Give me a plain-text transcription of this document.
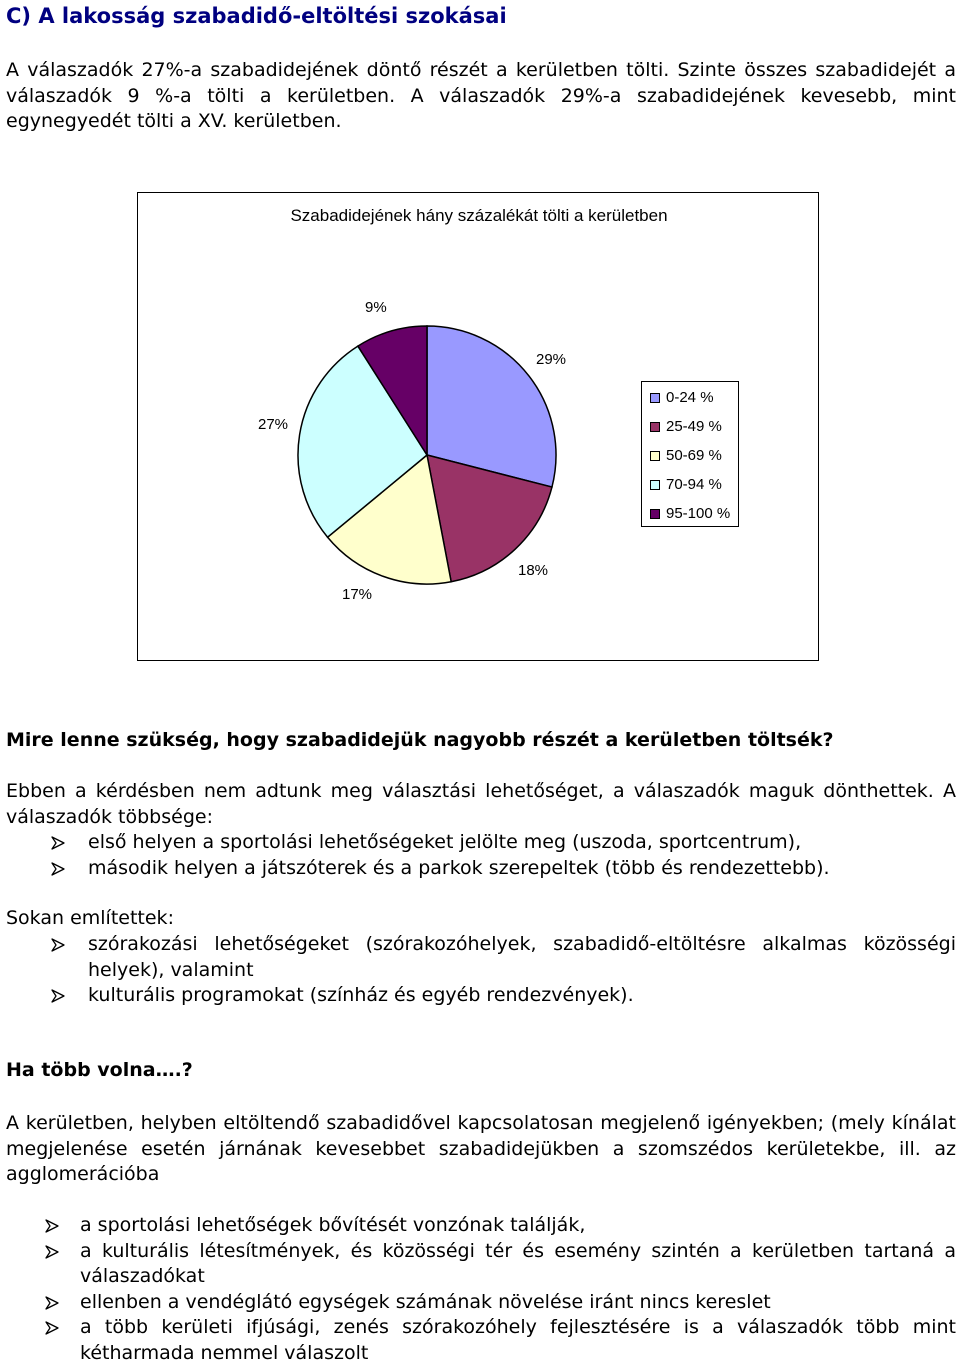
C) A lakosság szabadidő-eltöltési szokásai

A válaszadók 27%-a szabadidejének döntő részét a kerületben tölti. Szinte összes szabadidejét a válaszadók 9 %-a tölti a kerületben. A válaszadók 29%-a szabadidejének kevesebb, mint egynegyedét tölti a XV. kerületben.

Szabadidejének hány százalékát tölti a kerületben
9%
29%
27%
18%
17%
0-24 %
25-49 %
50-69 %
70-94 %
95-100 %
Mire lenne szükség, hogy szabadidejük nagyobb részét a kerületben töltsék?

Ebben a kérdésben nem adtunk meg választási lehetőséget, a válaszadók maguk dönthettek. A válaszadók többsége:

első helyen a sportolási lehetőségeket jelölte meg (uszoda, sportcentrum),
második helyen a játszóterek és a parkok szerepeltek (több és rendezettebb).

Sokan említettek:

szórakozási lehetőségeket (szórakozóhelyek, szabadidő-eltöltésre alkalmas közösségi helyek), valamint
kulturális programokat (színház és egyéb rendezvények).
Ha több volna….?

A kerületben, helyben eltöltendő szabadidővel kapcsolatosan megjelenő igényekben; (mely kínálat megjelenése esetén járnának kevesebbet szabadidejükben a szomszédos kerületekbe, ill. az agglomerációba

a sportolási lehetőségek bővítését vonzónak találják,
a kulturális létesítmények, és közösségi tér és esemény szintén a kerületben tartaná a válaszadókat
ellenben a vendéglátó egységek számának növelése iránt nincs kereslet
a több kerületi ifjúsági, zenés szórakozóhely fejlesztésére is a válaszadók több mint kétharmada nemmel válaszolt
